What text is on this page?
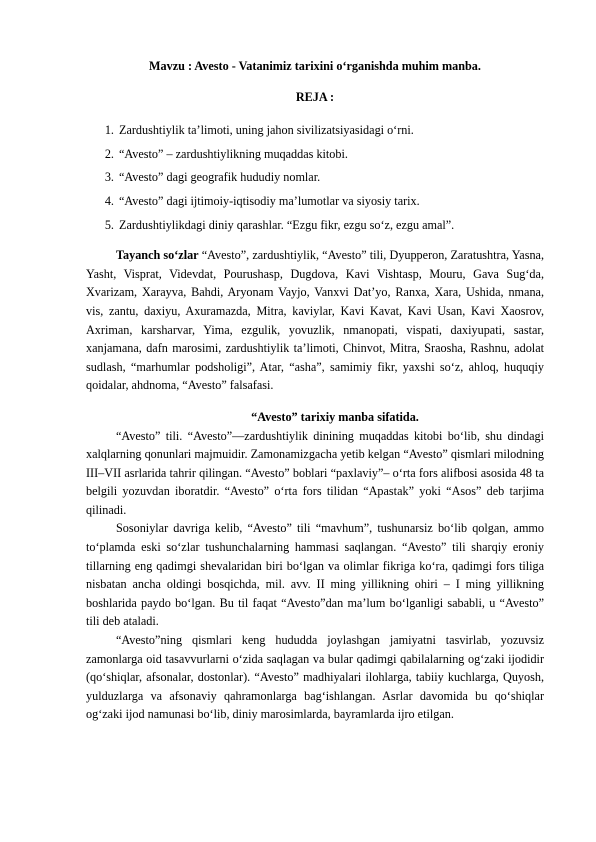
Mavzu : Avesto - Vatanimiz tarixini o‘rganishda muhim manba.
REJA :
1. Zardushtiylik ta’limoti, uning jahon sivilizatsiyasidagi o‘rni.
2. “Avesto” – zardushtiylikning muqaddas kitobi.
3. “Avesto” dagi geografik hududiy nomlar.
4. “Avesto” dagi ijtimoiy-iqtisodiy ma’lumotlar va siyosiy tarix.
5. Zardushtiylikdagi diniy qarashlar. “Ezgu fikr, ezgu so‘z, ezgu amal”.

Tayanch so‘zlar “Avesto”, zardushtiylik, “Avesto” tili, Dyupperon, Zaratushtra, Yasna, Yasht, Visprat, Videvdat, Pourushasp, Dugdova, Kavi Vishtasp, Mouru, Gava Sug‘da, Xvarizam, Xarayva, Bahdi, Aryonam Vayjo, Vanxvi Dat’yo, Ranxa, Xara, Ushida, nmana, vis, zantu, daxiyu, Axuramazda, Mitra, kaviylar, Kavi Kavat, Kavi Usan, Kavi Xaosrov, Axriman, karsharvar, Yima, ezgulik, yovuzlik, nmanopati, vispati, daxiyupati, sastar, xanjamana, dafn marosimi, zardushtiylik ta’limoti, Chinvot, Mitra, Sraosha, Rashnu, adolat sudlash, “marhumlar podsholigi”, Atar, “asha”, samimiy fikr, yaxshi so‘z, ahloq, huquqiy qoidalar, ahdnoma, “Avesto” falsafasi.

“Avesto” tarixiy manba sifatida.

“Avesto” tili. “Avesto”—zardushtiylik dinining muqaddas kitobi bo‘lib, shu dindagi xalqlarning qonunlari majmuidir. Zamonamizgacha yetib kelgan “Avesto” qismlari milodning III–VII asrlarida tahrir qilingan. “Avesto” boblari “paxlaviy”– o‘rta fors alifbosi asosida 48 ta belgili yozuvdan iboratdir. “Avesto” o‘rta fors tilidan “Apastak” yoki “Asos” deb tarjima qilinadi.

Sosoniylar davriga kelib, “Avesto” tili “mavhum”, tushunarsiz bo‘lib qolgan, ammo to‘plamda eski so‘zlar tushunchalarning hammasi saqlangan. “Avesto” tili sharqiy eroniy tillarning eng qadimgi shevalaridan biri bo‘lgan va olimlar fikriga ko‘ra, qadimgi fors tiliga nisbatan ancha oldingi bosqichda, mil. avv. II ming yillikning ohiri – I ming yillikning boshlarida paydo bo‘lgan. Bu til faqat “Avesto”dan ma’lum bo‘lganligi sababli, u “Avesto” tili deb ataladi.

“Avesto”ning qismlari keng hududda joylashgan jamiyatni tasvirlab, yozuvsiz zamonlarga oid tasavvurlarni o‘zida saqlagan va bular qadimgi qabilalarning og‘zaki ijodidir (qo‘shiqlar, afsonalar, dostonlar). “Avesto” madhiyalari ilohlarga, tabiiy kuchlarga, Quyosh, yulduzlarga va afsonaviy qahramonlarga bag‘ishlangan. Asrlar davomida bu qo‘shiqlar og‘zaki ijod namunasi bo‘lib, diniy marosimlarda, bayramlarda ijro etilgan.
